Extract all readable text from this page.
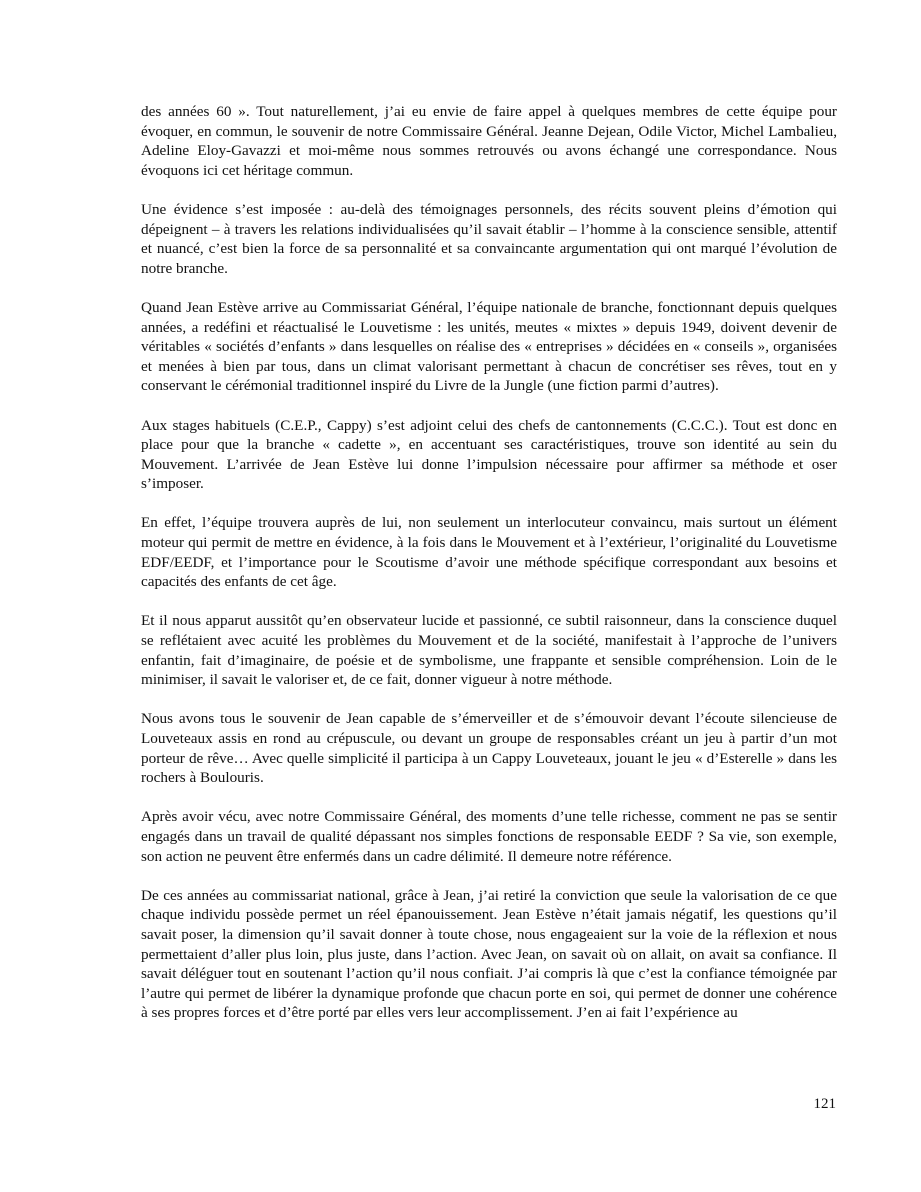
des années 60 ». Tout naturellement, j’ai eu envie de faire appel à quelques membres de cette équipe pour évoquer, en commun, le souvenir de notre Commissaire Général. Jeanne Dejean, Odile Victor, Michel Lambalieu, Adeline Eloy-Gavazzi et moi-même nous sommes retrouvés ou avons échangé une correspondance. Nous évoquons ici cet héritage commun.

Une évidence s’est imposée : au-delà des témoignages personnels, des récits souvent pleins d’émotion qui dépeignent – à travers les relations individualisées qu’il savait établir – l’homme à la conscience sensible, attentif et nuancé, c’est bien la force de sa personnalité et sa convaincante argumentation qui ont marqué l’évolution de notre branche.

Quand Jean Estève arrive au Commissariat Général, l’équipe nationale de branche, fonctionnant depuis quelques années, a redéfini et réactualisé le Louvetisme : les unités, meutes « mixtes » depuis 1949, doivent devenir de véritables « sociétés d’enfants » dans lesquelles on réalise des « entreprises » décidées en « conseils », organisées et menées à bien par tous, dans un climat valorisant permettant à chacun de concrétiser ses rêves, tout en y conservant le cérémonial traditionnel inspiré du Livre de la Jungle (une fiction parmi d’autres).

Aux stages habituels (C.E.P., Cappy) s’est adjoint celui des chefs de cantonnements (C.C.C.). Tout est donc en place pour que la branche « cadette », en accentuant ses caractéristiques, trouve son identité au sein du Mouvement. L’arrivée de Jean Estève lui donne l’impulsion nécessaire pour affirmer sa méthode et oser s’imposer.

En effet, l’équipe trouvera auprès de lui, non seulement un interlocuteur convaincu, mais surtout un élément moteur qui permit de mettre en évidence, à la fois dans le Mouvement et à l’extérieur, l’originalité du Louvetisme EDF/EEDF, et l’importance pour le Scoutisme d’avoir une méthode spécifique correspondant aux besoins et capacités des enfants de cet âge.

Et il nous apparut aussitôt qu’en observateur lucide et passionné, ce subtil raisonneur, dans la conscience duquel se reflétaient avec acuité les problèmes du Mouvement et de la société, manifestait à l’approche de l’univers enfantin, fait d’imaginaire, de poésie et de symbolisme, une frappante et sensible compréhension. Loin de le minimiser, il savait le valoriser et, de ce fait, donner vigueur à notre méthode.

Nous avons tous le souvenir de Jean capable de s’émerveiller et de s’émouvoir devant l’écoute silencieuse de Louveteaux assis en rond au crépuscule, ou devant un groupe de responsables créant un jeu à partir d’un mot porteur de rêve… Avec quelle simplicité il participa à un Cappy Louveteaux, jouant le jeu « d’Esterelle » dans les rochers à Boulouris.

Après avoir vécu, avec notre Commissaire Général, des moments d’une telle richesse, comment ne pas se sentir engagés dans un travail de qualité dépassant nos simples fonctions de responsable EEDF ? Sa vie, son exemple, son action ne peuvent être enfermés dans un cadre délimité. Il demeure notre référence.

De ces années au commissariat national, grâce à Jean, j’ai retiré la conviction que seule la valorisation de ce que chaque individu possède permet un réel épanouissement. Jean Estève n’était jamais négatif, les questions qu’il savait poser, la dimension qu’il savait donner à toute chose, nous engageaient sur la voie de la réflexion et nous permettaient d’aller plus loin, plus juste, dans l’action. Avec Jean, on savait où on allait, on avait sa confiance. Il savait déléguer tout en soutenant l’action qu’il nous confiait. J’ai compris là que c’est la confiance témoignée par l’autre qui permet de libérer la dynamique profonde que chacun porte en soi, qui permet de donner une cohérence à ses propres forces et d’être porté par elles vers leur accomplissement. J’en ai fait l’expérience au

121
